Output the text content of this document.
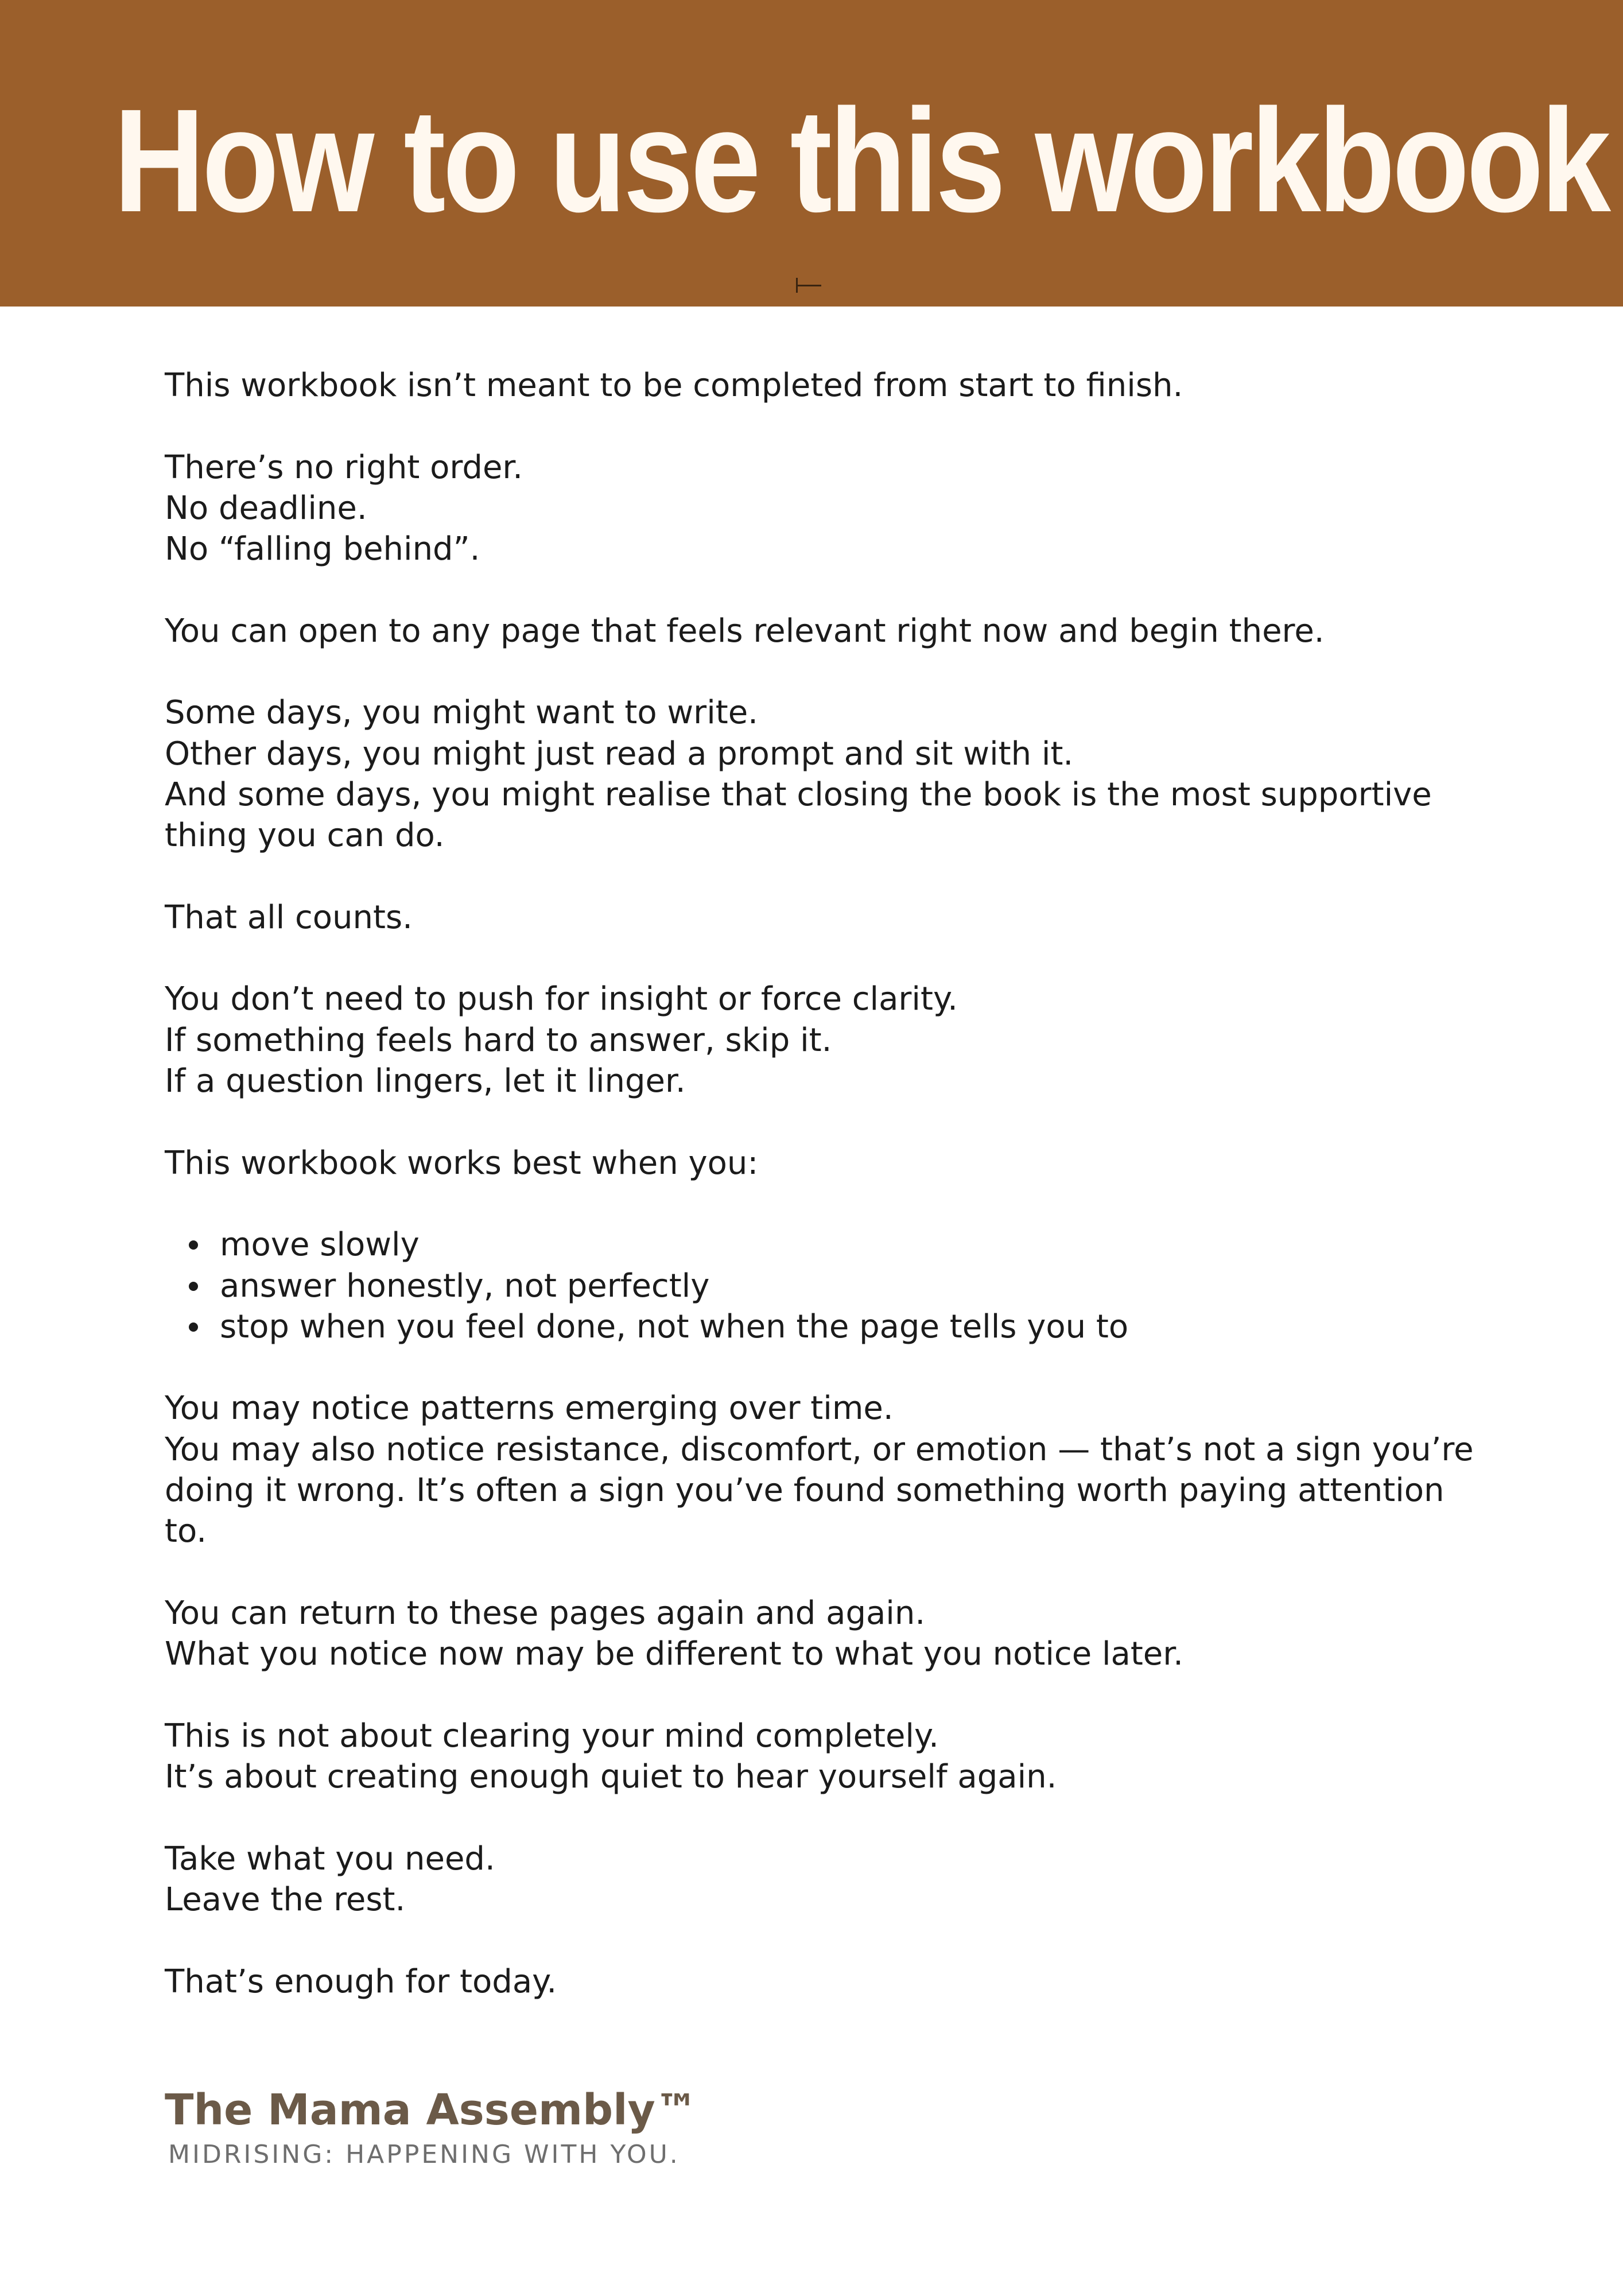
How to use this workbook

This workbook isn’t meant to be completed from start to finish.

There’s no right order.
No deadline.
No “falling behind”.

You can open to any page that feels relevant right now and begin there.

Some days, you might want to write.
Other days, you might just read a prompt and sit with it.
And some days, you might realise that closing the book is the most supportive thing you can do.

That all counts.

You don’t need to push for insight or force clarity.
If something feels hard to answer, skip it.
If a question lingers, let it linger.

This workbook works best when you:

move slowly
answer honestly, not perfectly
stop when you feel done, not when the page tells you to

You may notice patterns emerging over time.
You may also notice resistance, discomfort, or emotion — that’s not a sign you’re doing it wrong. It’s often a sign you’ve found something worth paying attention to.

You can return to these pages again and again.
What you notice now may be different to what you notice later.

This is not about clearing your mind completely.
It’s about creating enough quiet to hear yourself again.

Take what you need.
Leave the rest.

That’s enough for today.

The Mama Assembly™
MIDRISING: HAPPENING WITH YOU.
